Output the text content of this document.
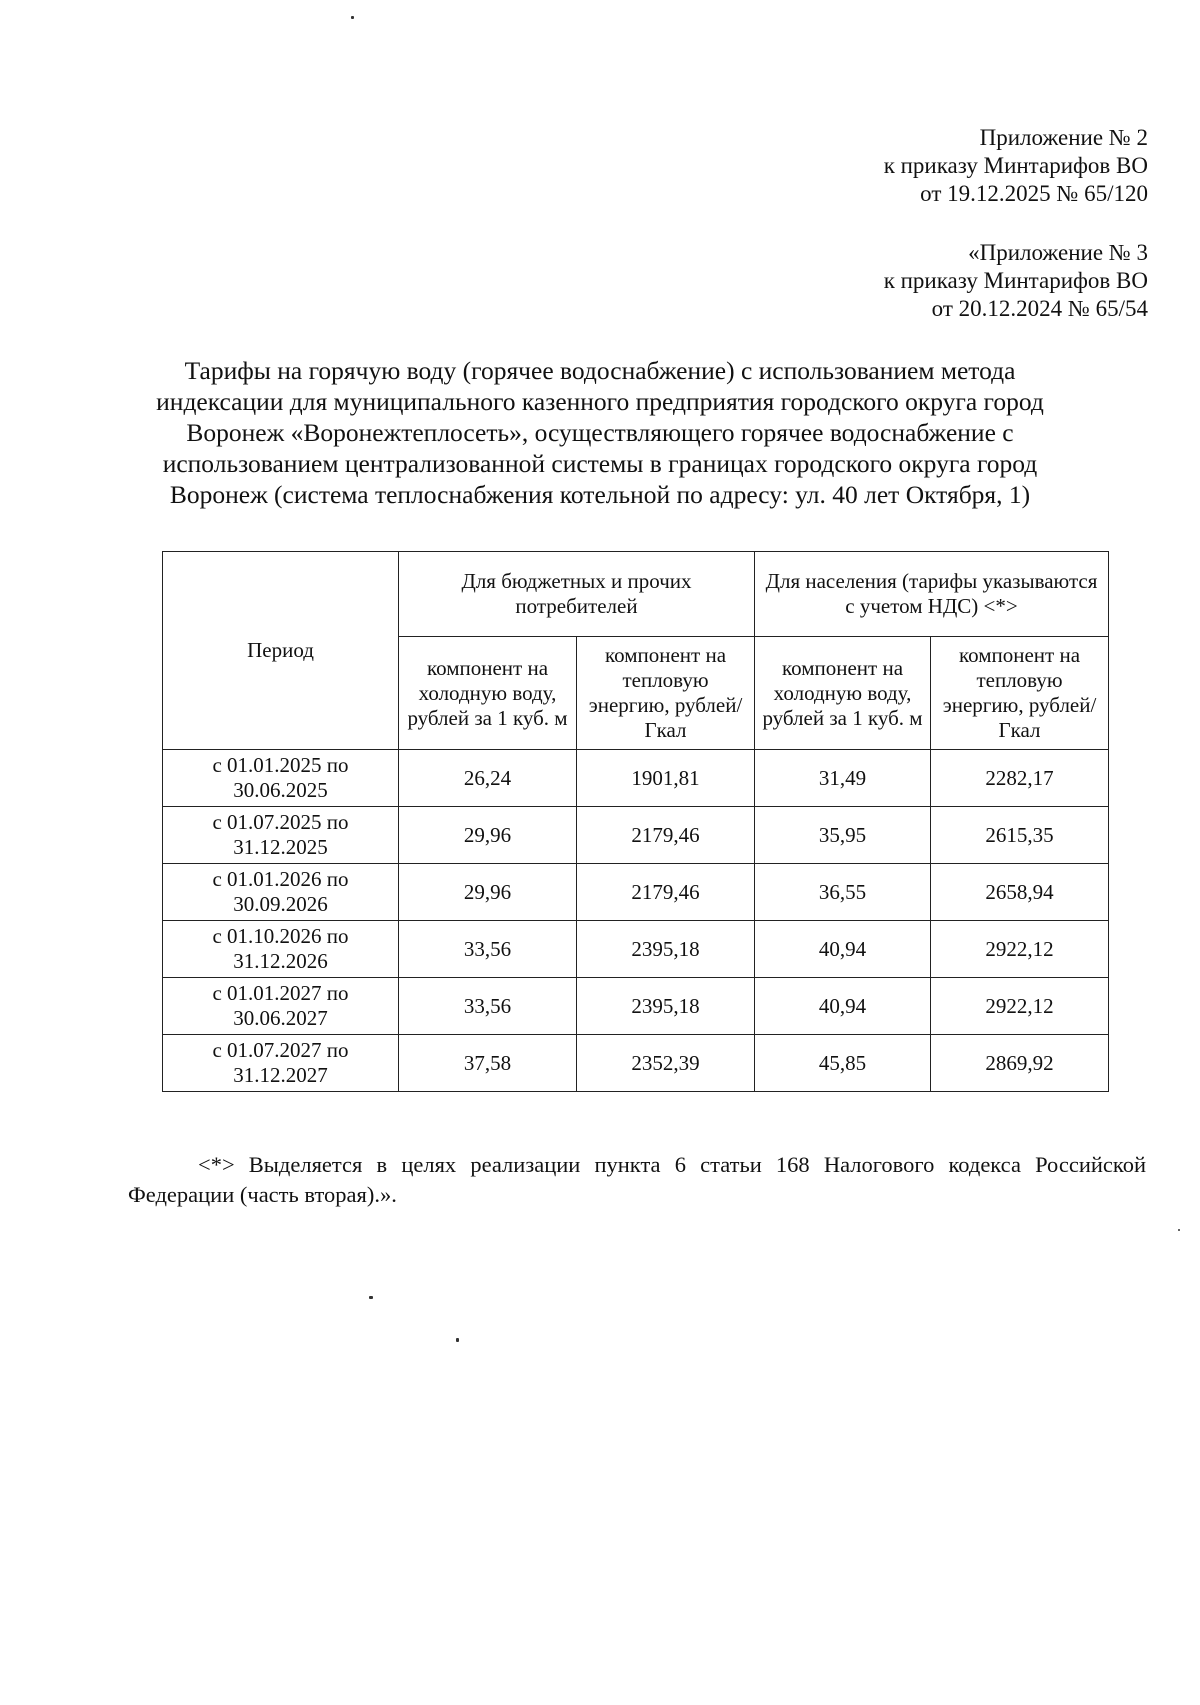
Приложение № 2
к приказу Минтарифов ВО
от 19.12.2025 № 65/120
«Приложение № 3
к приказу Минтарифов ВО
от 20.12.2024 № 65/54
Тарифы на горячую воду (горячее водоснабжение) с использованием метода индексации для муниципального казенного предприятия городского округа город Воронеж «Воронежтеплосеть», осуществляющего горячее водоснабжение с использованием централизованной системы в границах городского округа город Воронеж (система теплоснабжения котельной по адресу: ул. 40 лет Октября, 1)
Период	Для бюджетных и прочих потребителей		Для населения (тарифы указываются с учетом НДС) <*>	
	компонент на холодную воду, рублей за 1 куб. м	компонент на тепловую энергию, рублей/Гкал	компонент на холодную воду, рублей за 1 куб. м	компонент на тепловую энергию, рублей/Гкал
с 01.01.2025 по 30.06.2025	26,24	1901,81	31,49	2282,17
с 01.07.2025 по 31.12.2025	29,96	2179,46	35,95	2615,35
с 01.01.2026 по 30.09.2026	29,96	2179,46	36,55	2658,94
с 01.10.2026 по 31.12.2026	33,56	2395,18	40,94	2922,12
с 01.01.2027 по 30.06.2027	33,56	2395,18	40,94	2922,12
с 01.07.2027 по 31.12.2027	37,58	2352,39	45,85	2869,92

<*> Выделяется в целях реализации пункта 6 статьи 168 Налогового кодекса Российской Федерации (часть вторая).».
